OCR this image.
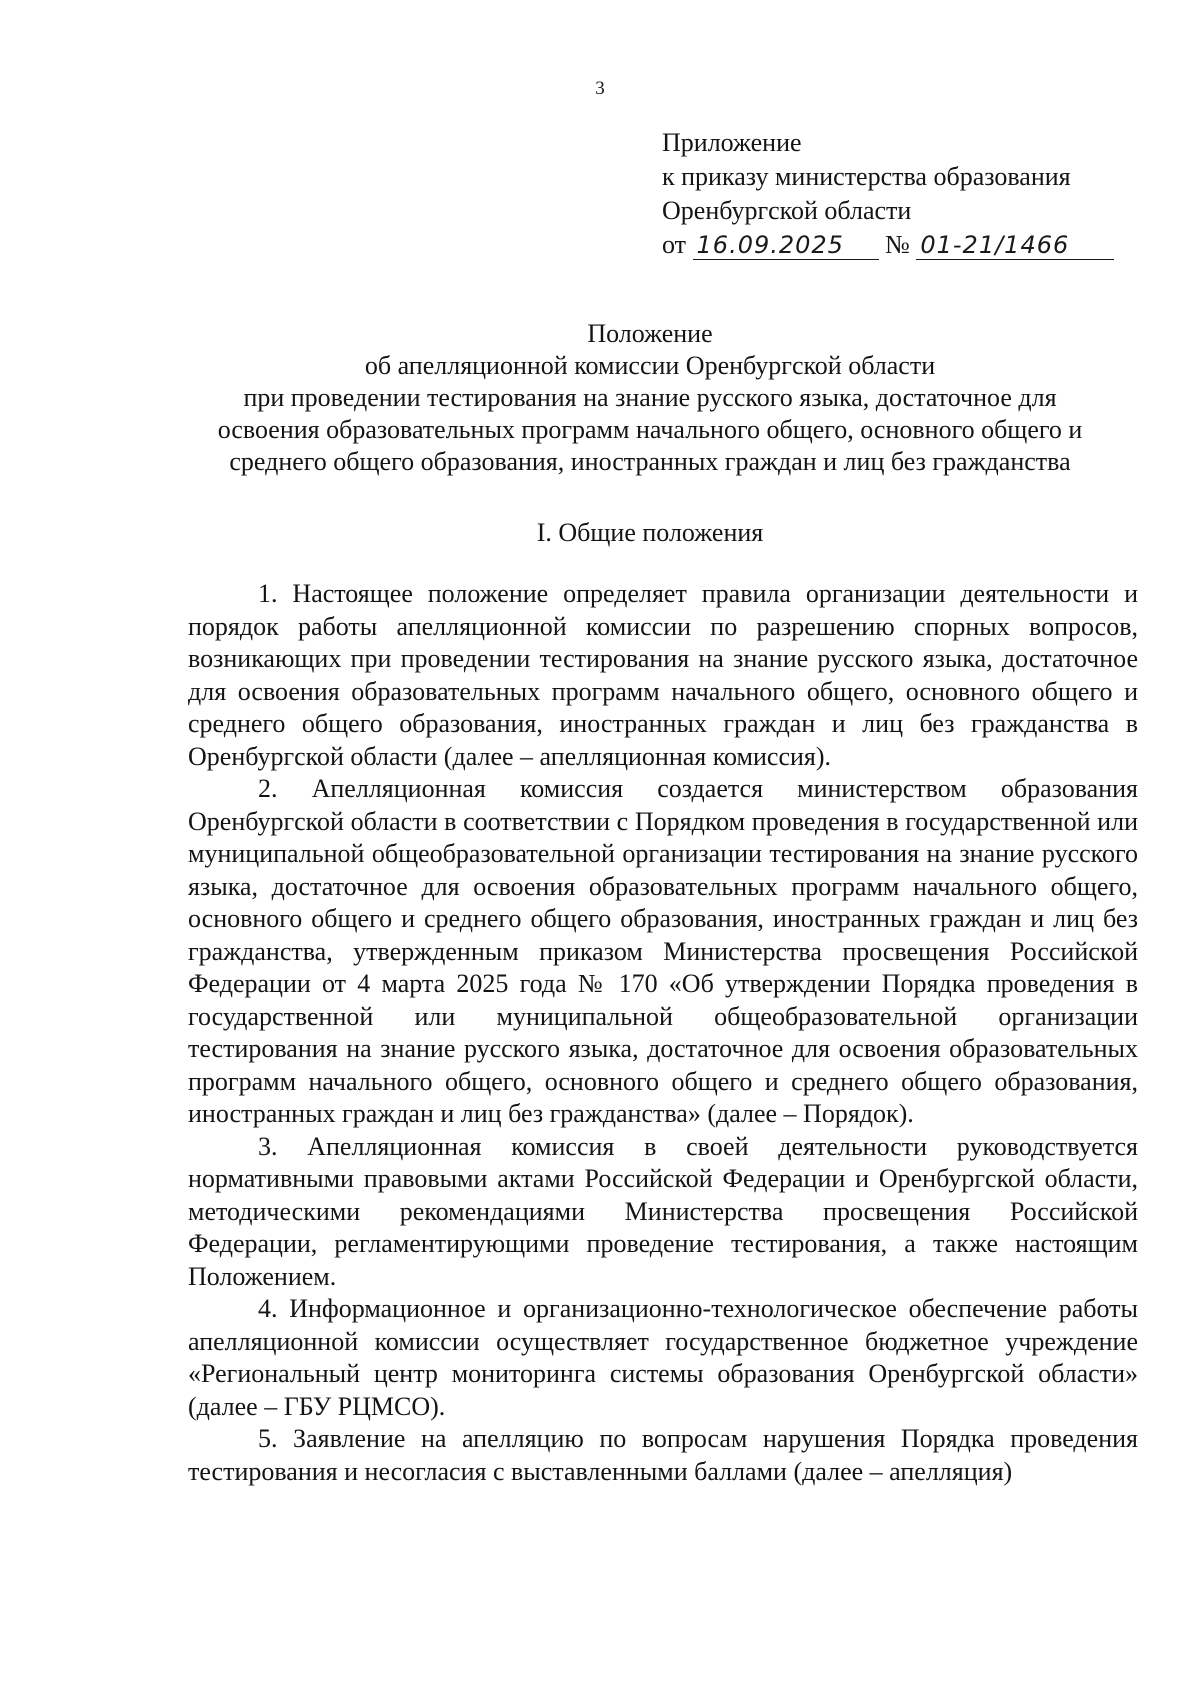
3
Приложение
к приказу министерства образования
Оренбургской области
от 16.09.2025 № 01-21/1466
Положение
об апелляционной комиссии Оренбургской области
при проведении тестирования на знание русского языка, достаточное для
освоения образовательных программ начального общего, основного общего и
среднего общего образования, иностранных граждан и лиц без гражданства
I. Общие положения

1. Настоящее положение определяет правила организации деятельности и порядок работы апелляционной комиссии по разрешению спорных вопросов, возникающих при проведении тестирования на знание русского языка, достаточное для освоения образовательных программ начального общего, основного общего и среднего общего образования, иностранных граждан и лиц без гражданства в Оренбургской области (далее – апелляционная комиссия).

2. Апелляционная комиссия создается министерством образования Оренбургской области в соответствии с Порядком проведения в государственной или муниципальной общеобразовательной организации тестирования на знание русского языка, достаточное для освоения образовательных программ начального общего, основного общего и среднего общего образования, иностранных граждан и лиц без гражданства, утвержденным приказом Министерства просвещения Российской Федерации от 4 марта 2025 года № 170 «Об утверждении Порядка проведения в государственной или муниципальной общеобразовательной организации тестирования на знание русского языка, достаточное для освоения образовательных программ начального общего, основного общего и среднего общего образования, иностранных граждан и лиц без гражданства» (далее – Порядок).

3. Апелляционная комиссия в своей деятельности руководствуется нормативными правовыми актами Российской Федерации и Оренбургской области, методическими рекомендациями Министерства просвещения Российской Федерации, регламентирующими проведение тестирования, а также настоящим Положением.

4. Информационное и организационно-технологическое обеспечение работы апелляционной комиссии осуществляет государственное бюджетное учреждение «Региональный центр мониторинга системы образования Оренбургской области» (далее – ГБУ РЦМСО).

5. Заявление на апелляцию по вопросам нарушения Порядка проведения тестирования и несогласия с выставленными баллами (далее – апелляция)
